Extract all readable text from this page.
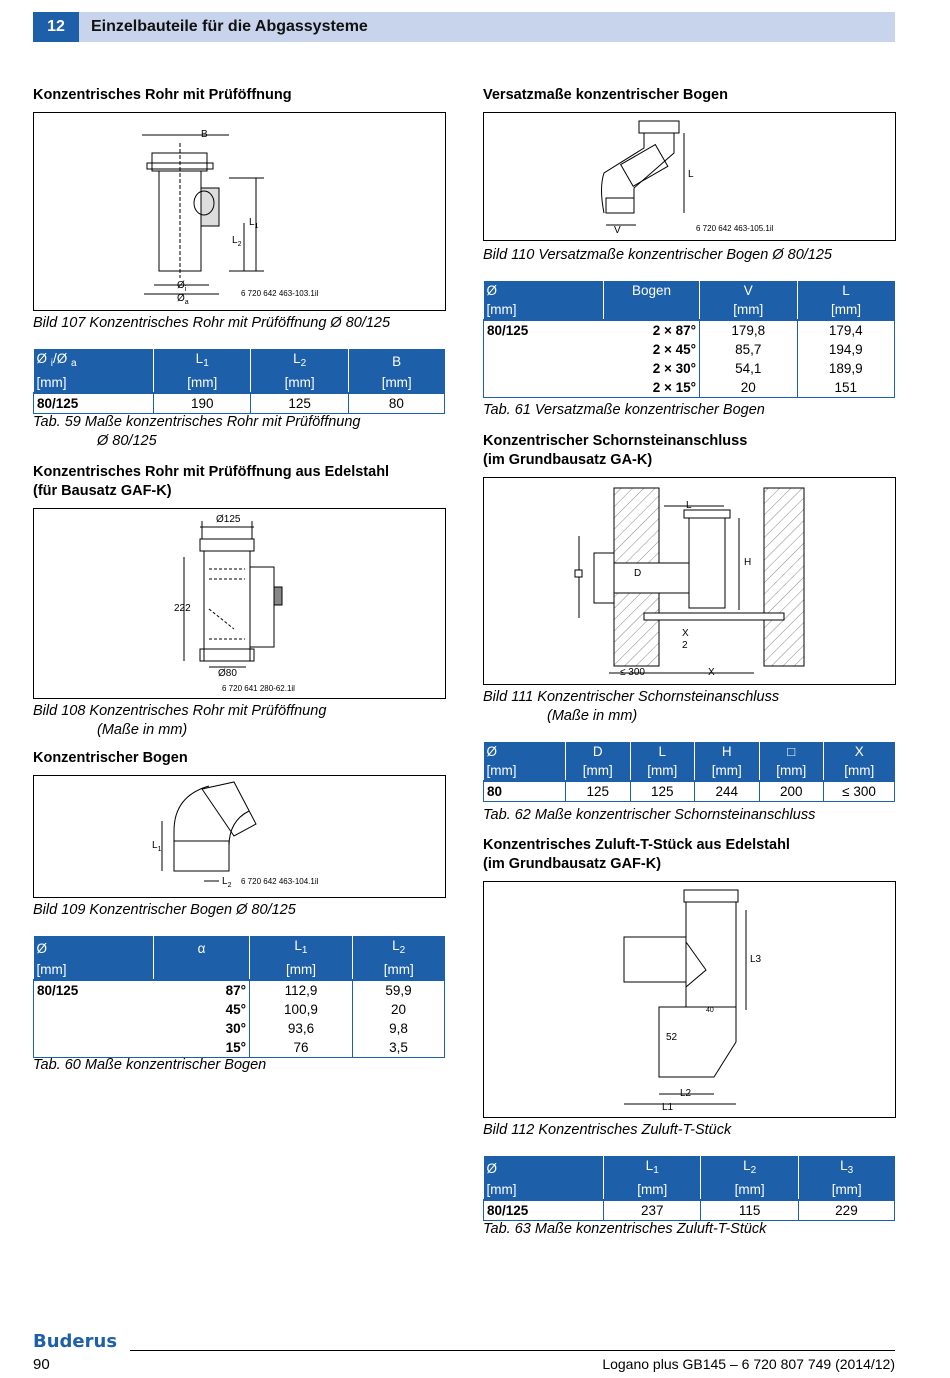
12	Einzelbauteile für die Abgassysteme
Konzentrisches Rohr mit Prüföffnung
B
$L_1$
$L_2$
$Ø_i$
$Ø_a$
6 720 642 463-103.1il
Bild 107 Konzentrisches Rohr mit Prüföffnung Ø 80/125
Ø $_i$/Ø $_a$	$L_1$	$L_2$	B
[mm]	[mm]	[mm]	[mm]
80/125	190	125	80
Tab. 59 Maße konzentrisches Rohr mit Prüföffnung
Ø 80/125
Konzentrisches Rohr mit Prüföffnung aus Edelstahl
(für Bausatz GAF-K)
Ø125
222
Ø80
6 720 641 280-62.1il
Bild 108 Konzentrisches Rohr mit Prüföffnung
(Maße in mm)
Konzentrischer Bogen
$L_1$
$L_2$ 6 720 642 463-104.1il
Bild 109 Konzentrischer Bogen Ø 80/125
Ø	α	$L_1$	$L_2$
[mm]		[mm]	[mm]
80/125	87°	112,9	59,9
	45°	100,9	20
	30°	93,6	9,8
	15°	76	3,5
Tab. 60 Maße konzentrischer Bogen
Versatzmaße konzentrischer Bogen
V
L
6 720 642 463-105.1il
Bild 110 Versatzmaße konzentrischer Bogen Ø 80/125
Ø	Bogen	V	L
[mm]		[mm]	[mm]
80/125	2 × 87°	179,8	179,4
	2 × 45°	85,7	194,9
	2 × 30°	54,1	189,9
	2 × 15°	20	151
Tab. 61 Versatzmaße konzentrischer Bogen
Konzentrischer Schornsteinanschluss
(im Grundbausatz GA-K)
L
D
H
X
2
≤ 300	X
Bild 111 Konzentrischer Schornsteinanschluss
(Maße in mm)
Ø	D	L	H	□	X
[mm]	[mm]	[mm]	[mm]	[mm]	[mm]
80	125	125	244	200	≤ 300
Tab. 62 Maße konzentrischer Schornsteinanschluss
Konzentrisches Zuluft-T-Stück aus Edelstahl
(im Grundbausatz GAF-K)
L3
52
40
L2
L1
Bild 112 Konzentrisches Zuluft-T-Stück
Ø	$L_1$	$L_2$	$L_3$
[mm]	[mm]	[mm]	[mm]
80/125	237	115	229
Tab. 63 Maße konzentrisches Zuluft-T-Stück
Buderus
90	Logano plus GB145 – 6 720 807 749 (2014/12)
